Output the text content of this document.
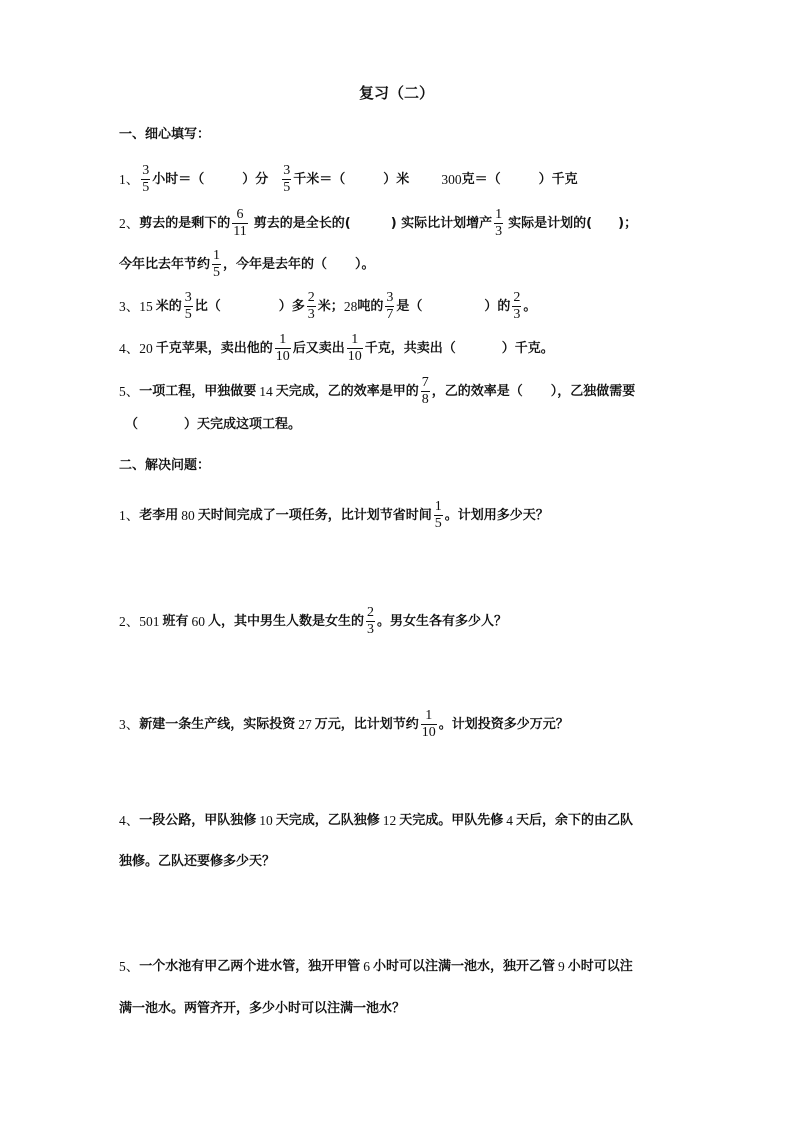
复习（二）
一、细心填写：
1、 $\frac{3}{5}$ 小时＝（	）分 $\frac{3}{5}$ 千米＝（	）米 300 克＝（	）千克
2、 剪去的是剩下的 $\frac{6}{11}$ 剪去的是全长的(	) 实际比计划增产 $\frac{1}{3}$ 实际是计划的( )；
今年比去年节约 $\frac{1}{5}$ ，今年是去年的（ ）。
3、 15 米的 $\frac{3}{5}$ 比（	）多 $\frac{2}{3}$ 米； 28 吨的 $\frac{3}{7}$ 是（	）的 $\frac{2}{3}$ 。
4、 20 千克苹果，卖出他的 $\frac{1}{10}$ 后又卖出 $\frac{1}{10}$ 千克，共卖出（	）千克。
5、 一项工程，甲独做要 14 天完成，乙的效率是甲的 $\frac{7}{8}$ ，乙的效率是（ ），乙独做需要
（	）天完成这项工程。
二、解决问题：
1、 老李用 80 天时间完成了一项任务，比计划节省时间 $\frac{1}{5}$ 。计划用多少天？
2、 501 班有 60 人，其中男生人数是女生的 $\frac{2}{3}$ 。男女生各有多少人？
3、 新建一条生产线，实际投资 27 万元，比计划节约 $\frac{1}{10}$ 。计划投资多少万元？
4、 一段公路，甲队独修 10 天完成，乙队独修 12 天完成。甲队先修 4 天后，余下的由乙队
独修。乙队还要修多少天？
5、 一个水池有甲乙两个进水管，独开甲管 6 小时可以注满一池水，独开乙管 9 小时可以注
满一池水。两管齐开，多少小时可以注满一池水？
